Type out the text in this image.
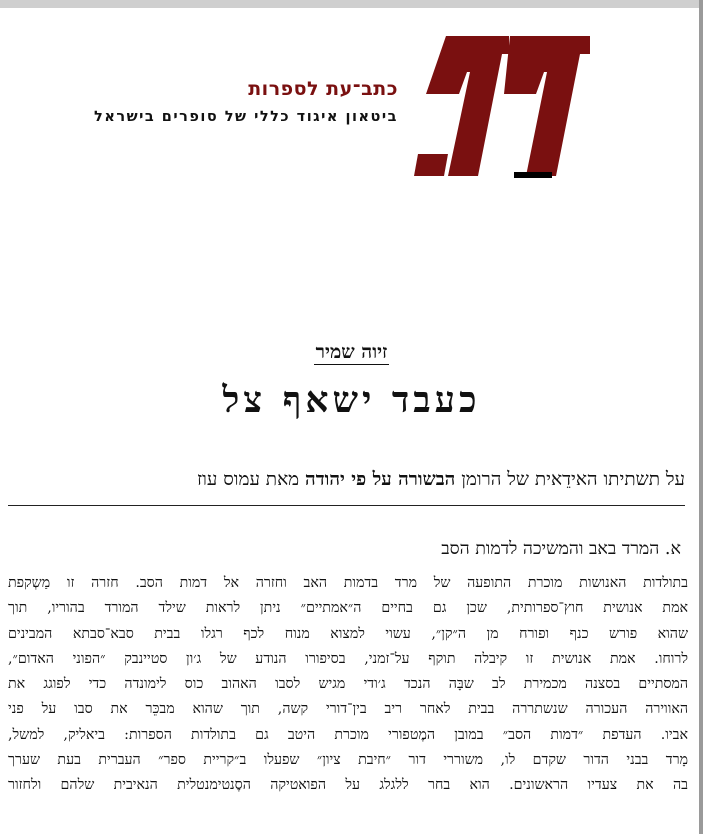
כתב־עת לספרות
ביטאון איגוד כללי של סופרים בישראל
זיוה שמיר
כעבד ישאף צל
על תשתיתו האידֵאית של הרומן הבשורה על פי יהודה מאת עמוס עוז
א. המרד באב והמשיכה לדמות הסב
בתולדות האנושות מוכרת התופעה של מרד בדמות האב וחזרה אל דמות הסב. חזרה זו מַשְקפת
אמת אנושית חוץ־ספרותית, שכן גם בחיים ה״אמתיים״ ניתן לראות שילד המורד בהוריו, תוך
שהוא פורש כנף ופורח מן ה״קן״, עשוי למצוא מנוח לכף רגלו בבית סבא־סבתא המבינים
לרוחו. אמת אנושית זו קיבלה תוקף על־זמני, בסיפורו הנודע של ג׳ון סטיינבק ״הפוני האדום״,
המסתיים בסצנה מכמירת לב שבָּה הנכד ג׳ודי מגיש לסבו האהוב כוס לימונדה כדי לפוגג את
האווירה העכורה שנשתררה בבית לאחר ריב בין־דורי קשה, תוך שהוא מבכֵּר את סבו על פני
אביו. העדפת ״דמות הסב״ במובן המֶטפורי מוכרת היטב גם בתולדות הספרות: ביאליק, למשל,
מָרד בבני הדור שקדם לו, משוררי דור ״חיבת ציון״ שפעלו ב״קריית ספר״ העברית בעת שערך
בה את צעדיו הראשונים. הוא בחר ללגלג על הפואטיקה הסֶנטימנטלית הנאיבית שלהם ולחזור
